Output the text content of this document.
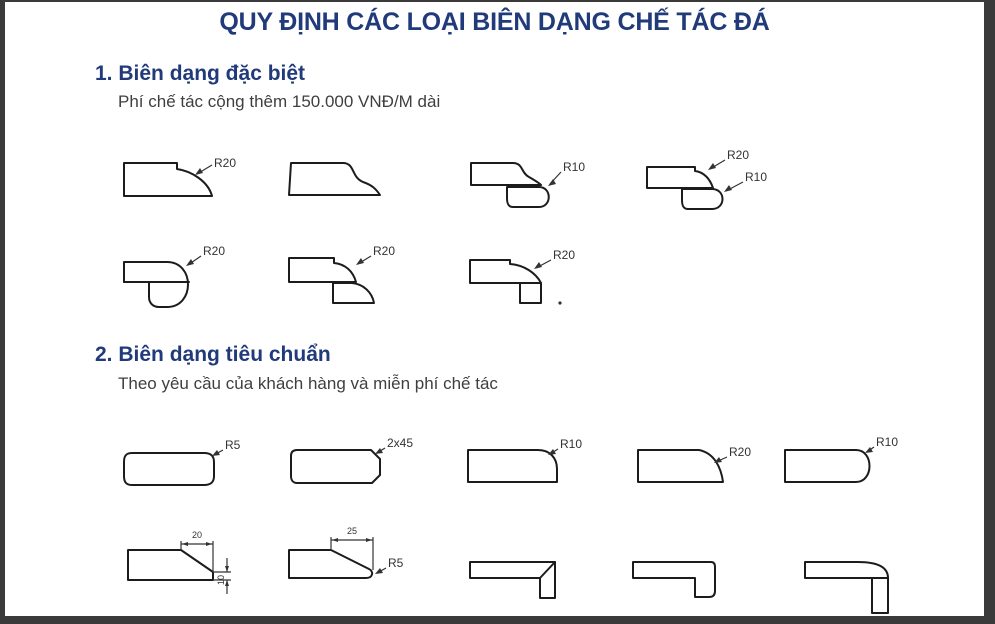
QUY ĐỊNH CÁC LOẠI BIÊN DẠNG CHẾ TÁC ĐÁ
1. Biên dạng đặc biệt
Phí chế tác cộng thêm 150.000 VNĐ/M dài
R20	R10
R20
R10
R20	R20	R20
2. Biên dạng tiêu chuẩn
Theo yêu cầu của khách hàng và miễn phí chế tác
R5	2x45	R10
R20
R10
20
10
25
R5
